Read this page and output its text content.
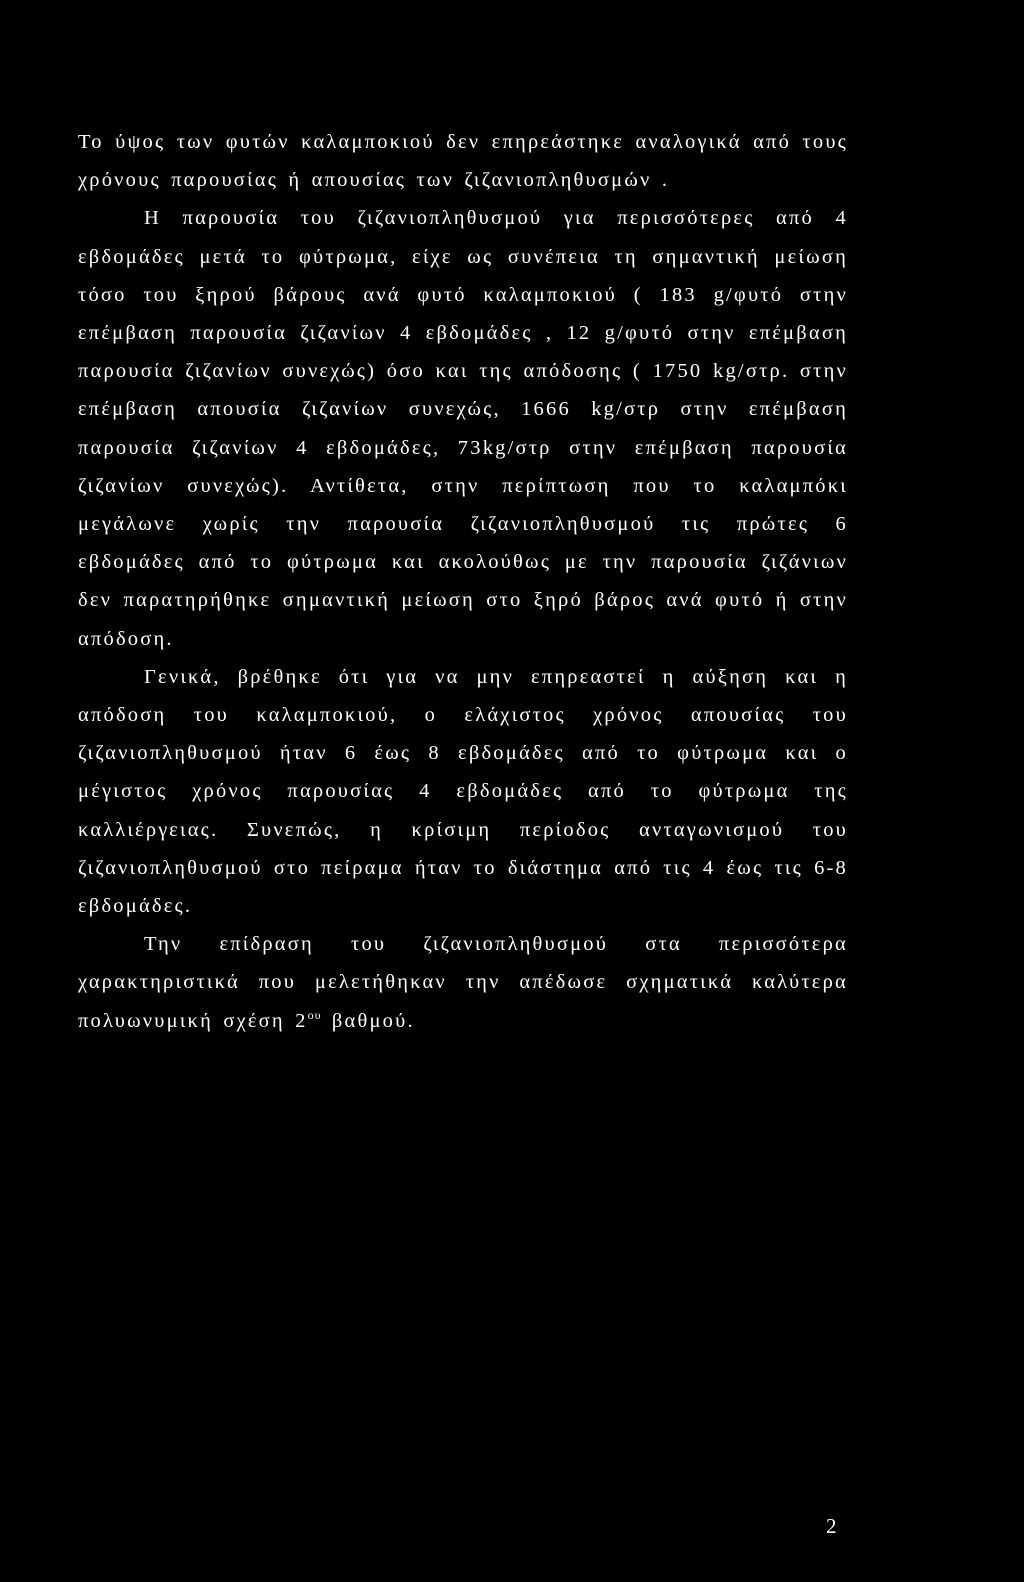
Το ύψος των φυτών καλαμποκιού δεν επηρεάστηκε αναλογικά από τους χρόνους παρουσίας ή απουσίας των ζιζανιοπληθυσμών .

Η παρουσία του ζιζανιοπληθυσμού για περισσότερες από 4 εβδομάδες μετά το φύτρωμα, είχε ως συνέπεια τη σημαντική μείωση τόσο του ξηρού βάρους ανά φυτό καλαμποκιού ( 183 g/φυτό στην επέμβαση παρουσία ζιζανίων 4 εβδομάδες , 12 g/φυτό στην επέμβαση παρουσία ζιζανίων συνεχώς) όσο και της απόδοσης ( 1750 kg/στρ. στην επέμβαση απουσία ζιζανίων συνεχώς, 1666 kg/στρ στην επέμβαση παρουσία ζιζανίων 4 εβδομάδες, 73kg/στρ στην επέμβαση παρουσία ζιζανίων συνεχώς). Αντίθετα, στην περίπτωση που το καλαμπόκι μεγάλωνε χωρίς την παρουσία ζιζανιοπληθυσμού τις πρώτες 6 εβδομάδες από το φύτρωμα και ακολούθως με την παρουσία ζιζάνιων δεν παρατηρήθηκε σημαντική μείωση στο ξηρό βάρος ανά φυτό ή στην απόδοση.

Γενικά, βρέθηκε ότι για να μην επηρεαστεί η αύξηση και η απόδοση του καλαμποκιού, ο ελάχιστος χρόνος απουσίας του ζιζανιοπληθυσμού ήταν 6 έως 8 εβδομάδες από το φύτρωμα και ο μέγιστος χρόνος παρουσίας 4 εβδομάδες από το φύτρωμα της καλλιέργειας. Συνεπώς, η κρίσιμη περίοδος ανταγωνισμού του ζιζανιοπληθυσμού στο πείραμα ήταν το διάστημα από τις 4 έως τις 6-8 εβδομάδες.

Την επίδραση του ζιζανιοπληθυσμού στα περισσότερα χαρακτηριστικά που μελετήθηκαν την απέδωσε σχηματικά καλύτερα πολυωνυμική σχέση $2^{o\upsilon}$ βαθμού.

2
